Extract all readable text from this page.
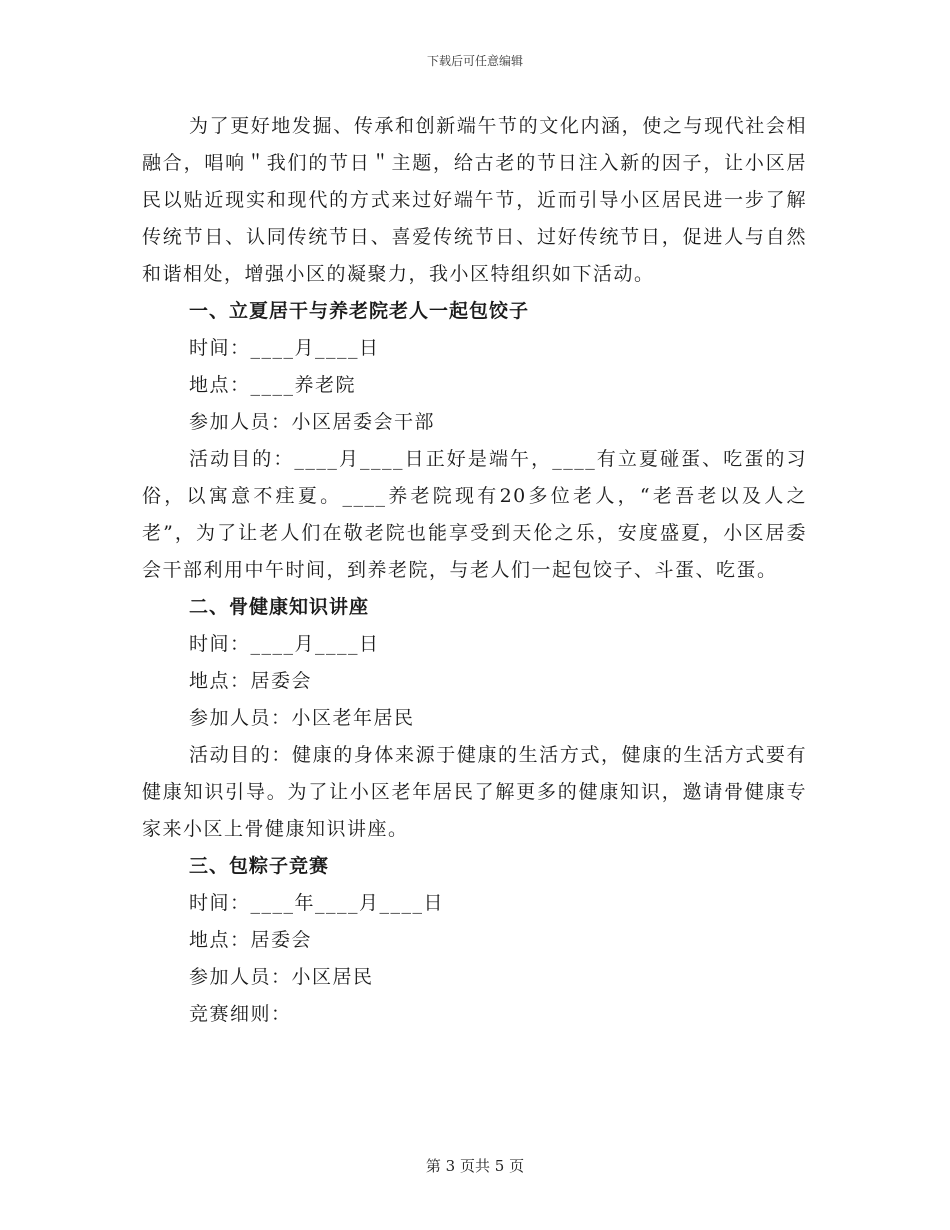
下载后可任意编辑

为了更好地发掘、传承和创新端午节的文化内涵，使之与现代社会相融合，唱响＂我们的节日＂主题，给古老的节日注入新的因子，让小区居民以贴近现实和现代的方式来过好端午节，近而引导小区居民进一步了解传统节日、认同传统节日、喜爱传统节日、过好传统节日，促进人与自然和谐相处，增强小区的凝聚力，我小区特组织如下活动。

一、立夏居干与养老院老人一起包饺子

时间：____月____日

地点：____养老院

参加人员：小区居委会干部

活动目的：____月____日正好是端午，____有立夏碰蛋、吃蛋的习俗，以寓意不疰夏。____养老院现有20多位老人，“老吾老以及人之老”，为了让老人们在敬老院也能享受到天伦之乐，安度盛夏，小区居委会干部利用中午时间，到养老院，与老人们一起包饺子、斗蛋、吃蛋。

二、骨健康知识讲座

时间：____月____日

地点：居委会

参加人员：小区老年居民

活动目的：健康的身体来源于健康的生活方式，健康的生活方式要有健康知识引导。为了让小区老年居民了解更多的健康知识，邀请骨健康专家来小区上骨健康知识讲座。

三、包粽子竞赛

时间：____年____月____日

地点：居委会

参加人员：小区居民

竞赛细则：

第 3 页共 5 页
